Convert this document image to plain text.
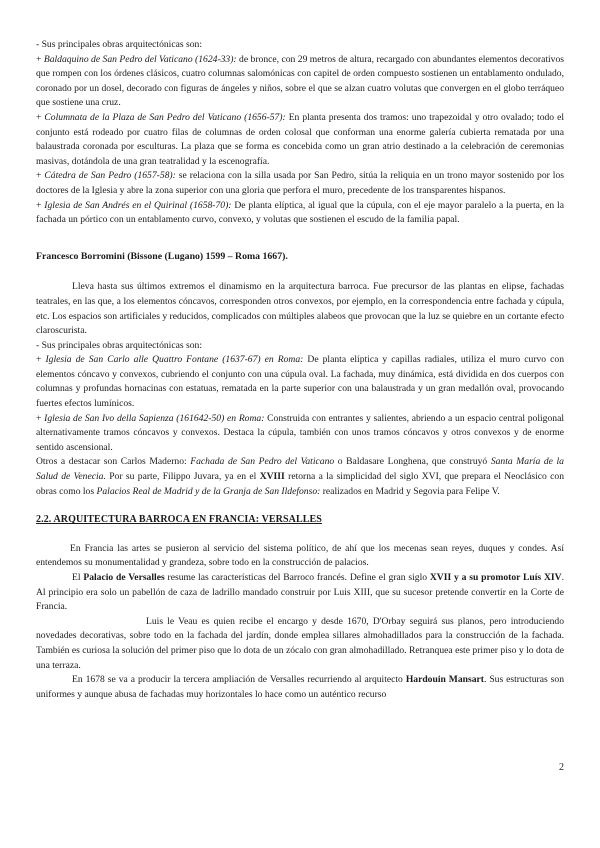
- Sus principales obras arquitectónicas son:

+ Baldaquino de San Pedro del Vaticano (1624-33): de bronce, con 29 metros de altura, recargado con abundantes elementos decorativos que rompen con los órdenes clásicos, cuatro columnas salomónicas con capitel de orden compuesto sostienen un entablamento ondulado, coronado por un dosel, decorado con figuras de ángeles y niños, sobre el que se alzan cuatro volutas que convergen en el globo terráqueo que sostiene una cruz.

+ Columnata de la Plaza de San Pedro del Vaticano (1656-57): En planta presenta dos tramos: uno trapezoidal y otro ovalado; todo el conjunto está rodeado por cuatro filas de columnas de orden colosal que conforman una enorme galería cubierta rematada por una balaustrada coronada por esculturas. La plaza que se forma es concebida como un gran atrio destinado a la celebración de ceremonias masivas, dotándola de una gran teatralidad y la escenografía.

+ Cátedra de San Pedro (1657-58): se relaciona con la silla usada por San Pedro, sitúa la reliquia en un trono mayor sostenido por los doctores de la Iglesia y abre la zona superior con una gloria que perfora el muro, precedente de los transparentes hispanos.

+ Iglesia de San Andrés en el Quirinal (1658-70): De planta elíptica, al igual que la cúpula, con el eje mayor paralelo a la puerta, en la fachada un pórtico con un entablamento curvo, convexo, y volutas que sostienen el escudo de la familia papal.

Francesco Borromini (Bissone (Lugano) 1599 – Roma 1667).

Lleva hasta sus últimos extremos el dinamismo en la arquitectura barroca. Fue precursor de las plantas en elipse, fachadas teatrales, en las que, a los elementos cóncavos, corresponden otros convexos, por ejemplo, en la correspondencia entre fachada y cúpula, etc. Los espacios son artificiales y reducidos, complicados con múltiples alabeos que provocan que la luz se quiebre en un cortante efecto claroscurista.

- Sus principales obras arquitectónicas son:

+ Iglesia de San Carlo alle Quattro Fontane (1637-67) en Roma: De planta elíptica y capillas radiales, utiliza el muro curvo con elementos cóncavo y convexos, cubriendo el conjunto con una cúpula oval. La fachada, muy dinámica, está dividida en dos cuerpos con columnas y profundas hornacinas con estatuas, rematada en la parte superior con una balaustrada y un gran medallón oval, provocando fuertes efectos lumínicos.

+ Iglesia de San Ivo della Sapienza (161642-50) en Roma: Construida con entrantes y salientes, abriendo a un espacio central poligonal alternativamente tramos cóncavos y convexos. Destaca la cúpula, también con unos tramos cóncavos y otros convexos y de enorme sentido ascensional.

Otros a destacar son Carlos Maderno: Fachada de San Pedro del Vaticano o Baldasare Longhena, que construyó Santa María de la Salud de Venecia. Por su parte, Filippo Juvara, ya en el XVIII retorna a la simplicidad del siglo XVI, que prepara el Neoclásico con obras como los Palacios Real de Madrid y de la Granja de San Ildefonso: realizados en Madrid y Segovia para Felipe V.

2.2. ARQUITECTURA BARROCA EN FRANCIA: VERSALLES

En Francia las artes se pusieron al servicio del sistema político, de ahí que los mecenas sean reyes, duques y condes. Así entendemos su monumentalidad y grandeza, sobre todo en la construcción de palacios.

El Palacio de Versalles resume las características del Barroco francés. Define el gran siglo XVII y a su promotor Luís XIV. Al principio era solo un pabellón de caza de ladrillo mandado construir por Luis XIII, que su sucesor pretende convertir en la Corte de Francia.

Luis le Veau es quien recibe el encargo y desde 1670, D'Orbay seguirá sus planos, pero introduciendo novedades decorativas, sobre todo en la fachada del jardín, donde emplea sillares almohadillados para la construcción de la fachada. También es curiosa la solución del primer piso que lo dota de un zócalo con gran almohadillado. Retranquea este primer piso y lo dota de una terraza.

En 1678 se va a producir la tercera ampliación de Versalles recurriendo al arquitecto Hardouin Mansart. Sus estructuras son uniformes y aunque abusa de fachadas muy horizontales lo hace como un auténtico recurso

2
